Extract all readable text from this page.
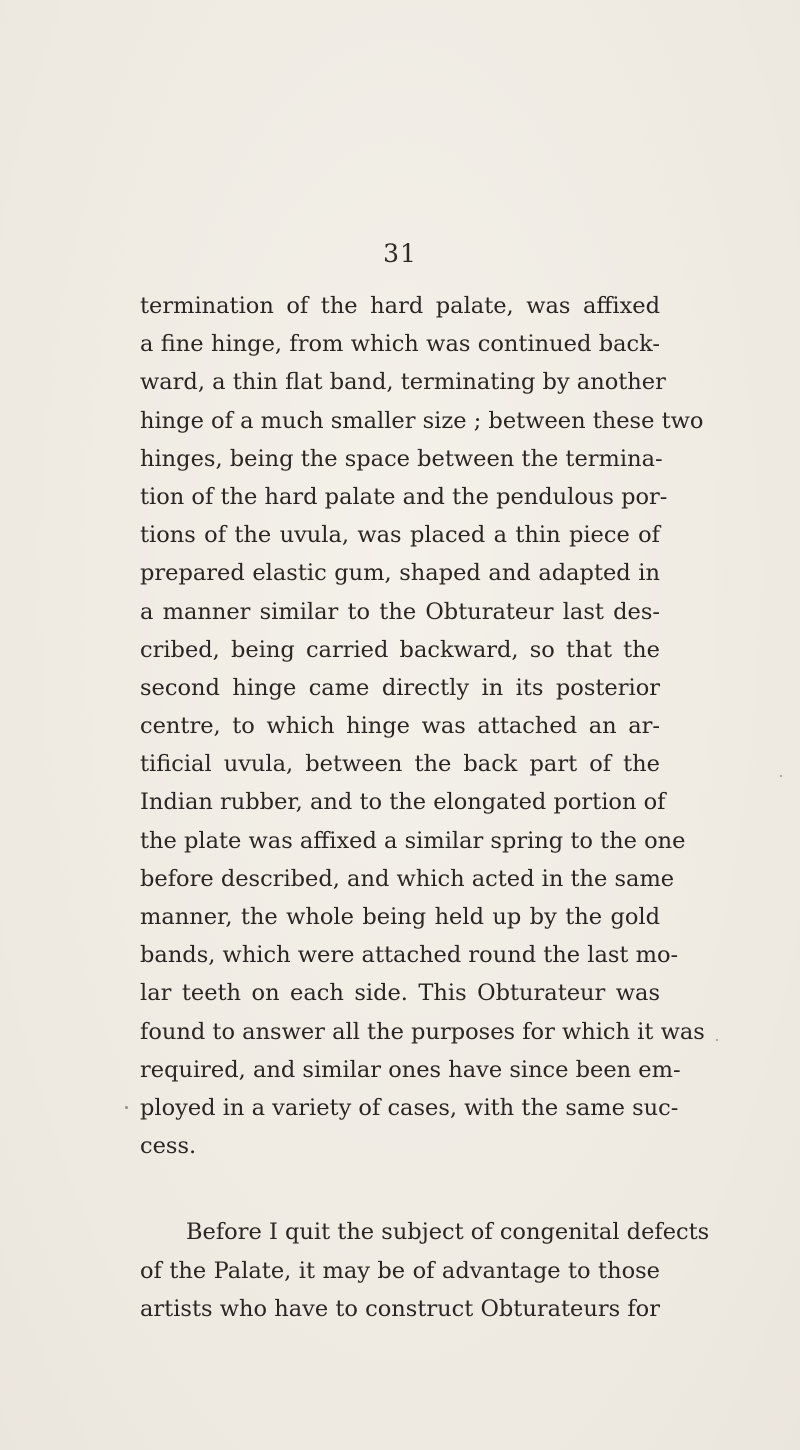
31
termination of the hard palate, was affixed
a fine hinge, from which was continued back-
ward, a thin flat band, terminating by another
hinge of a much smaller size ; between these two
hinges, being the space between the termina-
tion of the hard palate and the pendulous por-
tions of the uvula, was placed a thin piece of
prepared elastic gum, shaped and adapted in
a manner similar to the Obturateur last des-
cribed, being carried backward, so that the
second hinge came directly in its posterior
centre, to which hinge was attached an ar-
tificial uvula, between the back part of the
Indian rubber, and to the elongated portion of
the plate was affixed a similar spring to the one
before described, and which acted in the same
manner, the whole being held up by the gold
bands, which were attached round the last mo-
lar teeth on each side. This Obturateur was
found to answer all the purposes for which it was
required, and similar ones have since been em-
ployed in a variety of cases, with the same suc-
cess.
Before I quit the subject of congenital defects
of the Palate, it may be of advantage to those
artists who have to construct Obturateurs for
